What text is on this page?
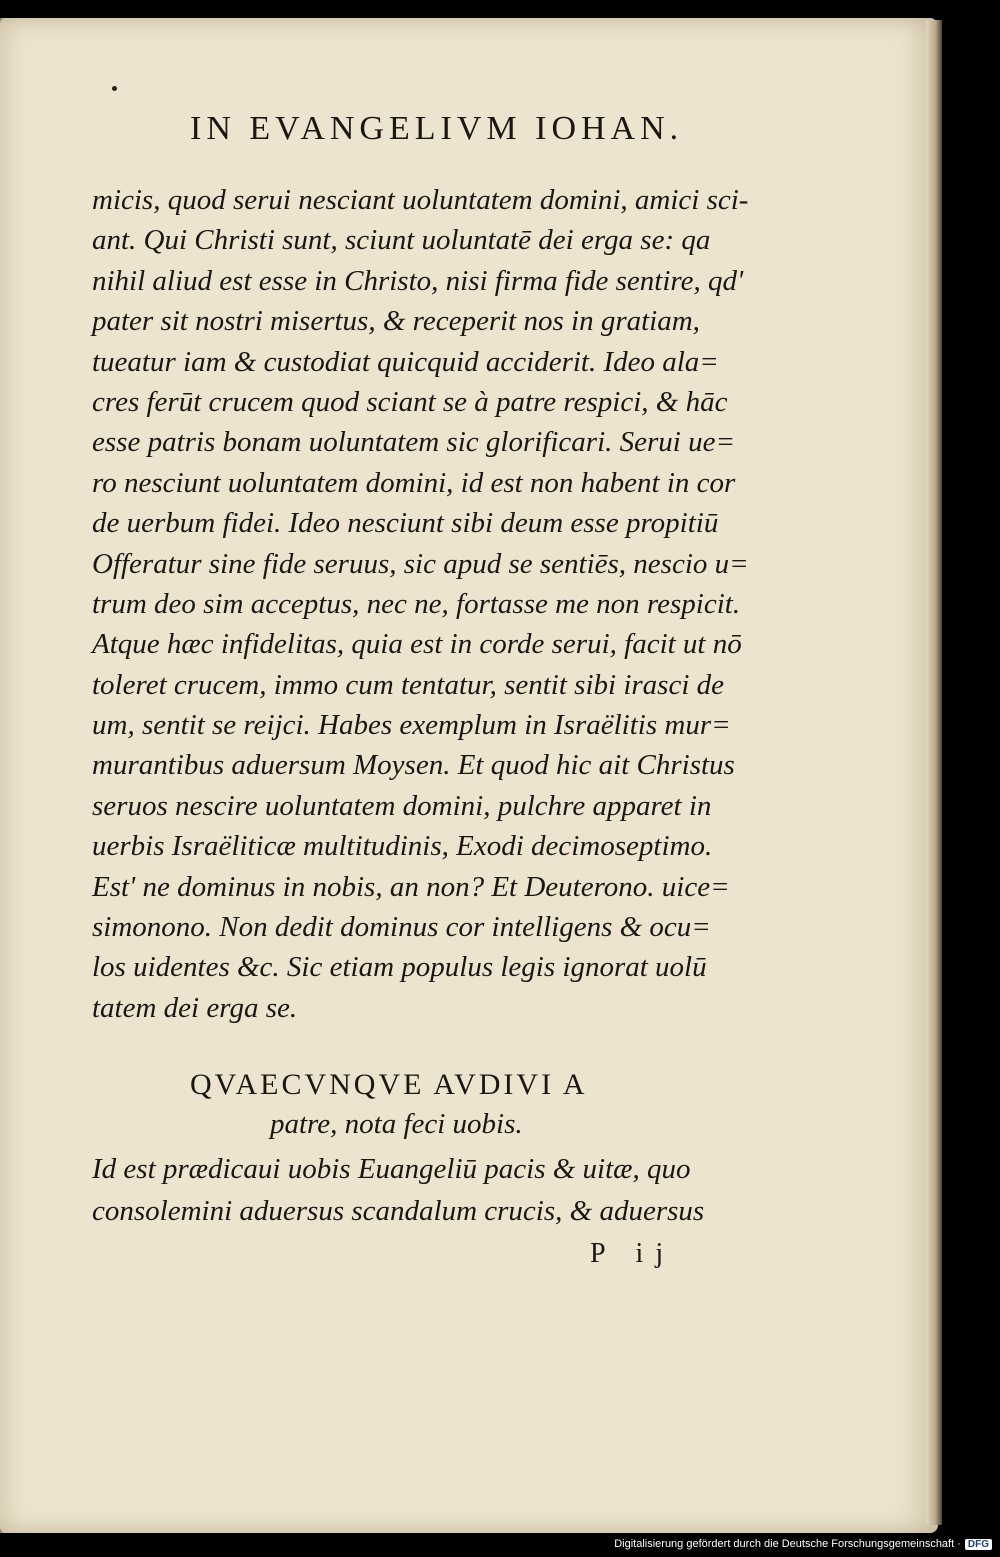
IN EVANGELIVM IOHAN.
micis, quod serui nesciant uoluntatem domini, amici sci-
ant. Qui Christi sunt, sciunt uoluntatē dei erga se: qa
nihil aliud est esse in Christo, nisi firma fide sentire, qd'
pater sit nostri misertus, & receperit nos in gratiam,
tueatur iam & custodiat quicquid acciderit. Ideo ala=
cres ferūt crucem quod sciant se à patre respici, & hāc
esse patris bonam uoluntatem sic glorificari. Serui ue=
ro nesciunt uoluntatem domini, id est non habent in cor
de uerbum fidei. Ideo nesciunt sibi deum esse propitiū
Offeratur sine fide seruus, sic apud se sentiēs, nescio u=
trum deo sim acceptus, nec ne, fortasse me non respicit.
Atque hæc infidelitas, quia est in corde serui, facit ut nō
toleret crucem, immo cum tentatur, sentit sibi irasci de
um, sentit se reijci. Habes exemplum in Israëlitis mur=
murantibus aduersum Moysen. Et quod hic ait Christus
seruos nescire uoluntatem domini, pulchre apparet in
uerbis Israëliticæ multitudinis, Exodi decimoseptimo.
Est' ne dominus in nobis, an non? Et Deuterono. uice=
simonono. Non dedit dominus cor intelligens & ocu=
los uidentes &c. Sic etiam populus legis ignorat uolū
tatem dei erga se.
QVAECVNQVE AVDIVI A
patre, nota feci uobis.
Id est prædicaui uobis Euangeliū pacis & uitæ, quo
consolemini aduersus scandalum crucis, & aduersus
P ij
Digitalisierung gefördert durch die Deutsche Forschungsgemeinschaft · DFG
